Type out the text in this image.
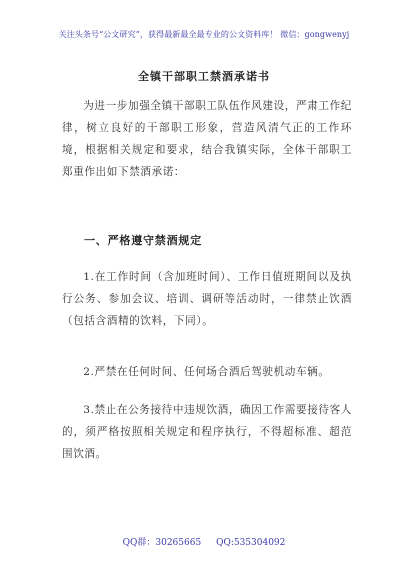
关注头条号“公文研究”，获得最新最全最专业的公文资料库！ 微信：gongwenyj
全镇干部职工禁酒承诺书

为进一步加强全镇干部职工队伍作风建设，严肃工作纪律，树立良好的干部职工形象，营造风清气正的工作环境，根据相关规定和要求，结合我镇实际，全体干部职工郑重作出如下禁酒承诺：

一、严格遵守禁酒规定

1.在工作时间（含加班时间）、工作日值班期间以及执行公务、参加会议、培训、调研等活动时，一律禁止饮酒（包括含酒精的饮料，下同）。

2.严禁在任何时间、任何场合酒后驾驶机动车辆。

3.禁止在公务接待中违规饮酒，确因工作需要接待客人的，须严格按照相关规定和程序执行，不得超标准、超范围饮酒。

QQ群：30265665 QQ:535304092
